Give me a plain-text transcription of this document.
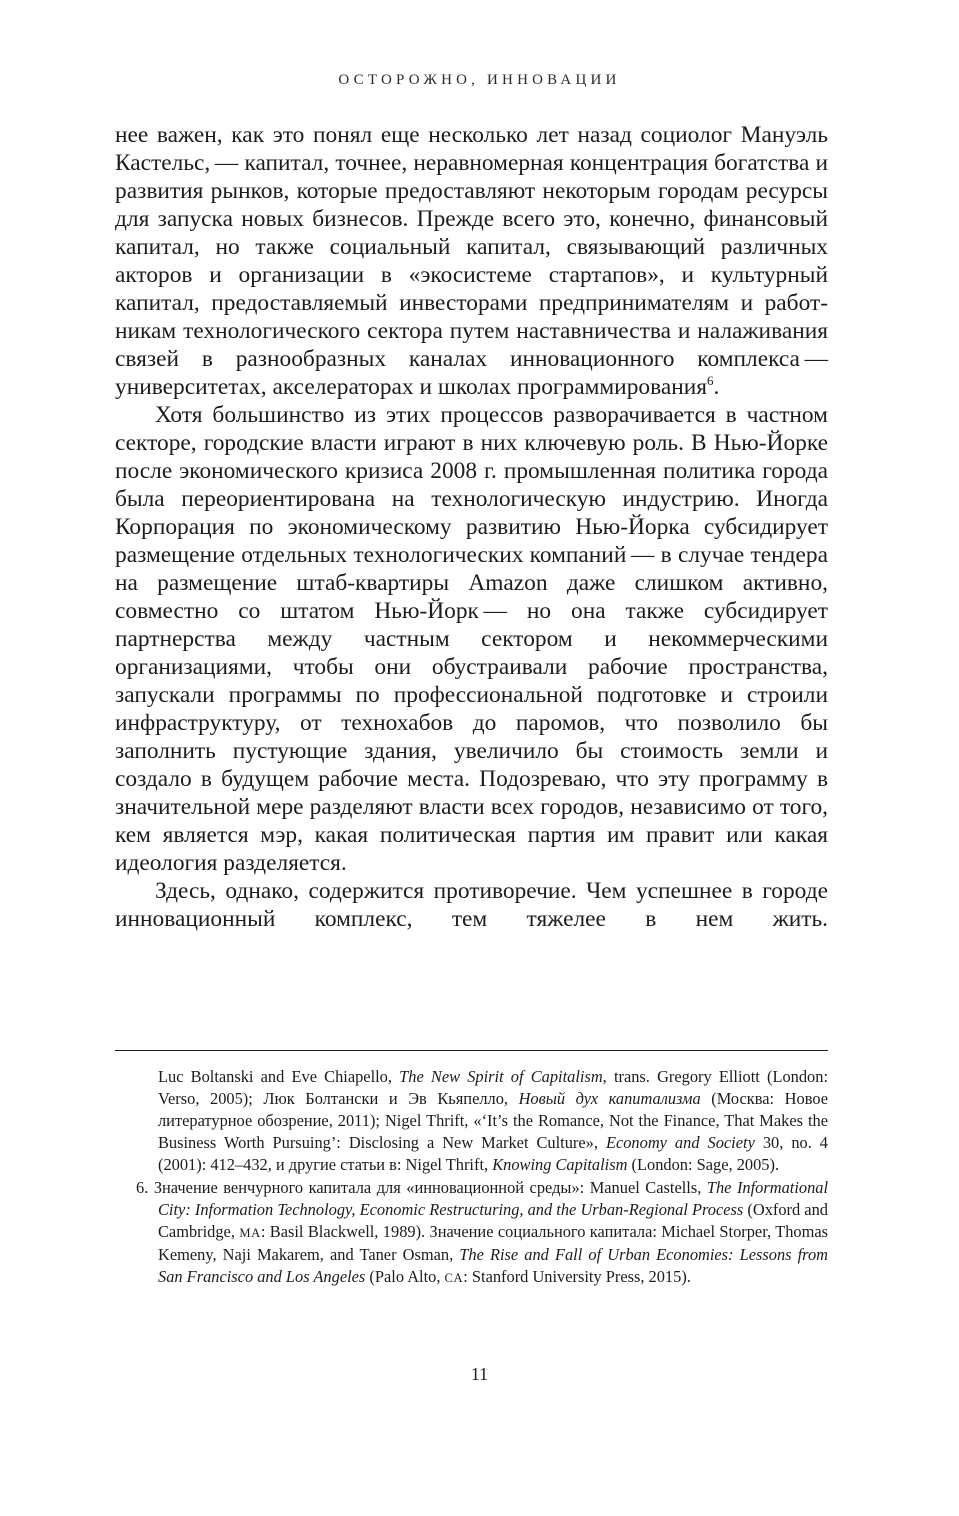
ОСТОРОЖНО, ИННОВАЦИИ

нее важен, как это понял еще несколько лет назад социолог Мануэль Кастельс, — капитал, точнее, неравномерная концентрация богатства и развития рынков, которые предоставляют некоторым городам ресурсы для запуска новых бизнесов. Прежде всего это, конечно, финансовый капитал, но также социальный капитал, связывающий различных акторов и организации в «экосистеме стартапов», и культурный капитал, предоставляемый инвесторами предпринимателям и работникам технологического сектора путем наставничества и налаживания связей в разнообразных каналах инновационного комплекса — университетах, акселераторах и школах программирования$^6$.

Хотя большинство из этих процессов разворачивается в частном секторе, городские власти играют в них ключевую роль. В Нью-Йорке после экономического кризиса 2008 г. промышленная политика города была переориентирована на технологическую индустрию. Иногда Корпорация по экономическому развитию Нью-Йорка субсидирует размещение отдельных технологических компаний — в случае тендера на размещение штаб-квартиры Amazon даже слишком активно, совместно со штатом Нью-Йорк — но она также субсидирует партнерства между частным сектором и некоммерческими организациями, чтобы они обустраивали рабочие пространства, запускали программы по профессиональной подготовке и строили инфраструктуру, от технохабов до паромов, что позволило бы заполнить пустующие здания, увеличило бы стоимость земли и создало в будущем рабочие места. Подозреваю, что эту программу в значительной мере разделяют власти всех городов, независимо от того, кем является мэр, какая политическая партия им правит или какая идеология разделяется.

Здесь, однако, содержится противоречие. Чем успешнее в городе инновационный комплекс, тем тяжелее в нем жить.

Luc Boltanski and Eve Chiapello, The New Spirit of Capitalism, trans. Gregory Elliott (London: Verso, 2005); Люк Болтански и Эв Кьяпелло, Новый дух капитализма (Москва: Новое литературное обозрение, 2011); Nigel Thrift, «‘It’s the Romance, Not the Finance, That Makes the Business Worth Pursuing’: Disclosing a New Market Culture», Economy and Society 30, no. 4 (2001): 412–432, и другие статьи в: Nigel Thrift, Knowing Capitalism (London: Sage, 2005).

6. Значение венчурного капитала для «инновационной среды»: Manuel Castells, The Informational City: Information Technology, Economic Restructuring, and the Urban-Regional Process (Oxford and Cambridge, MA: Basil Blackwell, 1989). Значение социального капитала: Michael Storper, Thomas Kemeny, Naji Makarem, and Taner Osman, The Rise and Fall of Urban Economies: Lessons from San Francisco and Los Angeles (Palo Alto, CA: Stanford University Press, 2015).

11
